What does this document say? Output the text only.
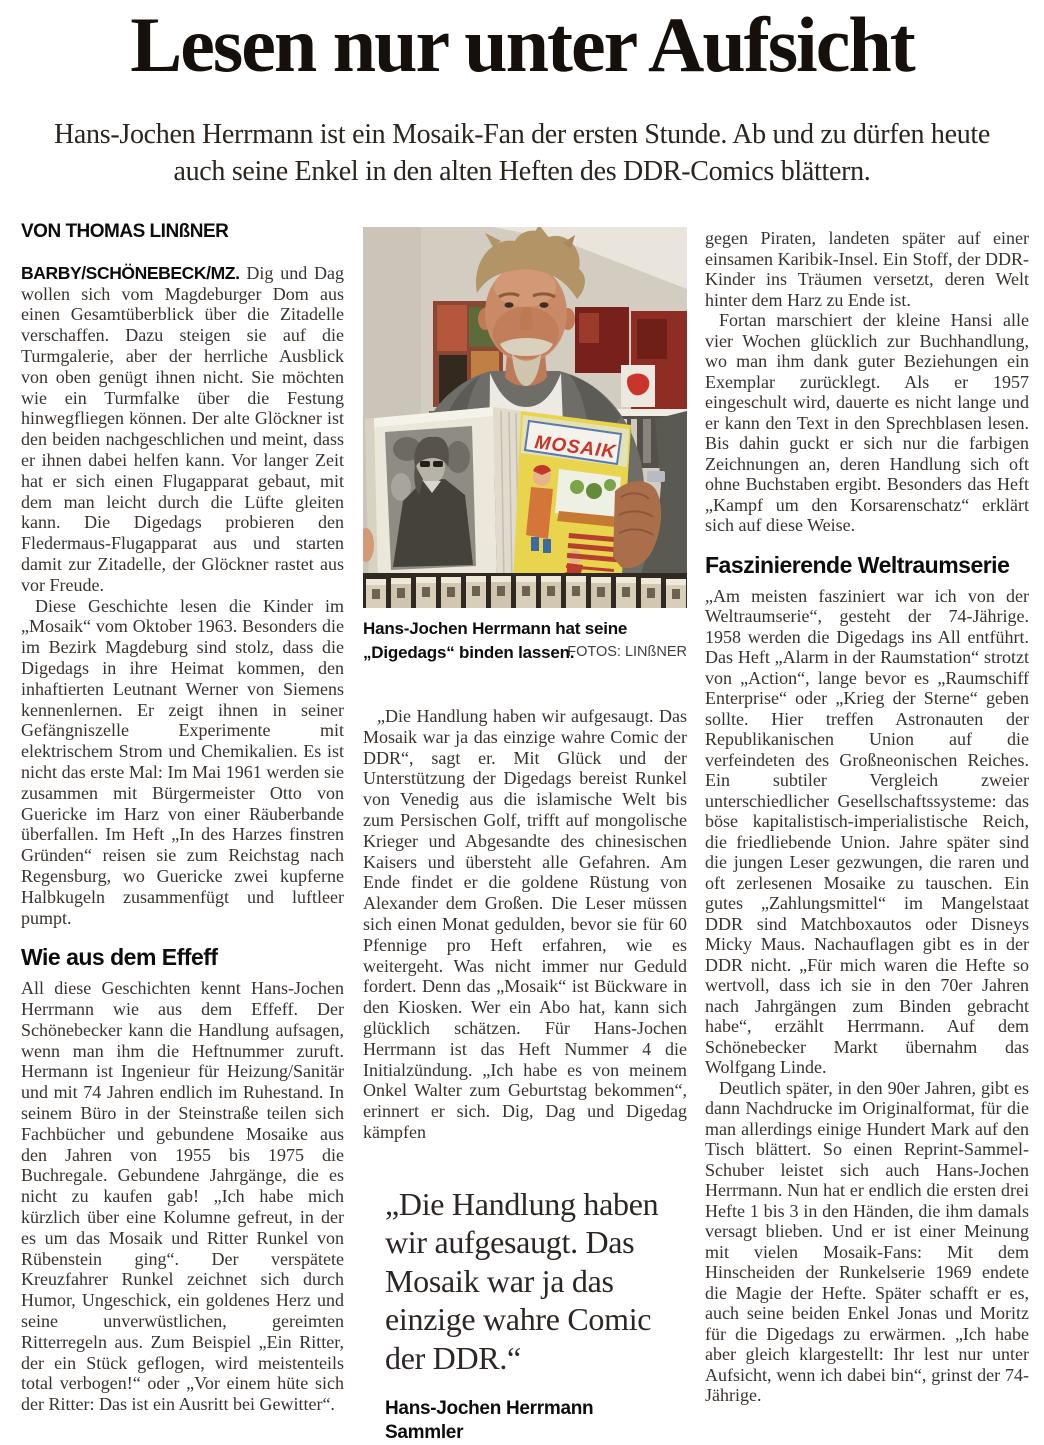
Lesen nur unter Aufsicht
Hans-Jochen Herrmann ist ein Mosaik-Fan der ersten Stunde. Ab und zu dürfen heute auch seine Enkel in den alten Heften des DDR-Comics blättern.
VON THOMAS LINßNER

BARBY/SCHÖNEBECK/MZ. Dig und Dag wollen sich vom Magdeburger Dom aus einen Gesamtüberblick über die Zitadelle verschaffen. Dazu steigen sie auf die Turmgalerie, aber der herrliche Ausblick von oben genügt ihnen nicht. Sie möchten wie ein Turmfalke über die Festung hinwegfliegen können. Der alte Glöckner ist den beiden nachgeschlichen und meint, dass er ihnen dabei helfen kann. Vor langer Zeit hat er sich einen Flugapparat gebaut, mit dem man leicht durch die Lüfte gleiten kann. Die Digedags probieren den Fledermaus-Flugapparat aus und starten damit zur Zitadelle, der Glöckner rastet aus vor Freude.

Diese Geschichte lesen die Kinder im „Mosaik“ vom Oktober 1963. Besonders die im Bezirk Magdeburg sind stolz, dass die Digedags in ihre Heimat kommen, den inhaftierten Leutnant Werner von Siemens kennenlernen. Er zeigt ihnen in seiner Gefängniszelle Experimente mit elektrischem Strom und Chemikalien. Es ist nicht das erste Mal: Im Mai 1961 werden sie zusammen mit Bürgermeister Otto von Guericke im Harz von einer Räuberbande überfallen. Im Heft „In des Harzes finstren Gründen“ reisen sie zum Reichstag nach Regensburg, wo Guericke zwei kupferne Halbkugeln zusammenfügt und luftleer pumpt.

Wie aus dem Effeff

All diese Geschichten kennt Hans-Jochen Herrmann wie aus dem Effeff. Der Schönebecker kann die Handlung aufsagen, wenn man ihm die Heftnummer zuruft. Hermann ist Ingenieur für Heizung/Sanitär und mit 74 Jahren endlich im Ruhestand. In seinem Büro in der Steinstraße teilen sich Fachbücher und gebundene Mosaike aus den Jahren von 1955 bis 1975 die Buchregale. Gebundene Jahrgänge, die es nicht zu kaufen gab! „Ich habe mich kürzlich über eine Kolumne gefreut, in der es um das Mosaik und Ritter Runkel von Rübenstein ging“. Der verspätete Kreuzfahrer Runkel zeichnet sich durch Humor, Ungeschick, ein goldenes Herz und seine unverwüstlichen, gereimten Ritterregeln aus. Zum Beispiel „Ein Ritter, der ein Stück geflogen, wird meistenteils total verbogen!“ oder „Vor einem hüte sich der Ritter: Das ist ein Ausritt bei Gewitter“.

MOSAIK
Hans-Jochen Herrmann hat seine „Digedags“ binden lassen.
FOTOS: LINßNER

„Die Handlung haben wir aufgesaugt. Das Mosaik war ja das einzige wahre Comic der DDR“, sagt er. Mit Glück und der Unterstützung der Digedags bereist Runkel von Venedig aus die islamische Welt bis zum Persischen Golf, trifft auf mongolische Krieger und Abgesandte des chinesischen Kaisers und übersteht alle Gefahren. Am Ende findet er die goldene Rüstung von Alexander dem Großen. Die Leser müssen sich einen Monat gedulden, bevor sie für 60 Pfennige pro Heft erfahren, wie es weitergeht. Was nicht immer nur Geduld fordert. Denn das „Mosaik“ ist Bückware in den Kiosken. Wer ein Abo hat, kann sich glücklich schätzen. Für Hans-Jochen Herrmann ist das Heft Nummer 4 die Initialzündung. „Ich habe es von meinem Onkel Walter zum Geburtstag bekommen“, erinnert er sich. Dig, Dag und Digedag kämpfen

„Die Handlung haben wir aufgesaugt. Das Mosaik war ja das einzige wahre Comic der DDR.“
Hans-Jochen Herrmann
Sammler

gegen Piraten, landeten später auf einer einsamen Karibik-Insel. Ein Stoff, der DDR-Kinder ins Träumen versetzt, deren Welt hinter dem Harz zu Ende ist.

Fortan marschiert der kleine Hansi alle vier Wochen glücklich zur Buchhandlung, wo man ihm dank guter Beziehungen ein Exemplar zurücklegt. Als er 1957 eingeschult wird, dauerte es nicht lange und er kann den Text in den Sprechblasen lesen. Bis dahin guckt er sich nur die farbigen Zeichnungen an, deren Handlung sich oft ohne Buchstaben ergibt. Besonders das Heft „Kampf um den Korsarenschatz“ erklärt sich auf diese Weise.

Faszinierende Weltraumserie

„Am meisten fasziniert war ich von der Weltraumserie“, gesteht der 74-Jährige. 1958 werden die Digedags ins All entführt. Das Heft „Alarm in der Raumstation“ strotzt von „Action“, lange bevor es „Raumschiff Enterprise“ oder „Krieg der Sterne“ geben sollte. Hier treffen Astronauten der Republikanischen Union auf die verfeindeten des Großneonischen Reiches. Ein subtiler Vergleich zweier unterschiedlicher Gesellschaftssysteme: das böse kapitalistisch-imperialistische Reich, die friedliebende Union. Jahre später sind die jungen Leser gezwungen, die raren und oft zerlesenen Mosaike zu tauschen. Ein gutes „Zahlungsmittel“ im Mangelstaat DDR sind Matchboxautos oder Disneys Micky Maus. Nachauflagen gibt es in der DDR nicht. „Für mich waren die Hefte so wertvoll, dass ich sie in den 70er Jahren nach Jahrgängen zum Binden gebracht habe“, erzählt Herrmann. Auf dem Schönebecker Markt übernahm das Wolfgang Linde.

Deutlich später, in den 90er Jahren, gibt es dann Nachdrucke im Originalformat, für die man allerdings einige Hundert Mark auf den Tisch blättert. So einen Reprint-Sammel-Schuber leistet sich auch Hans-Jochen Herrmann. Nun hat er endlich die ersten drei Hefte 1 bis 3 in den Händen, die ihm damals versagt blieben. Und er ist einer Meinung mit vielen Mosaik-Fans: Mit dem Hinscheiden der Runkelserie 1969 endete die Magie der Hefte. Später schafft er es, auch seine beiden Enkel Jonas und Moritz für die Digedags zu erwärmen. „Ich habe aber gleich klargestellt: Ihr lest nur unter Aufsicht, wenn ich dabei bin“, grinst der 74-Jährige.
